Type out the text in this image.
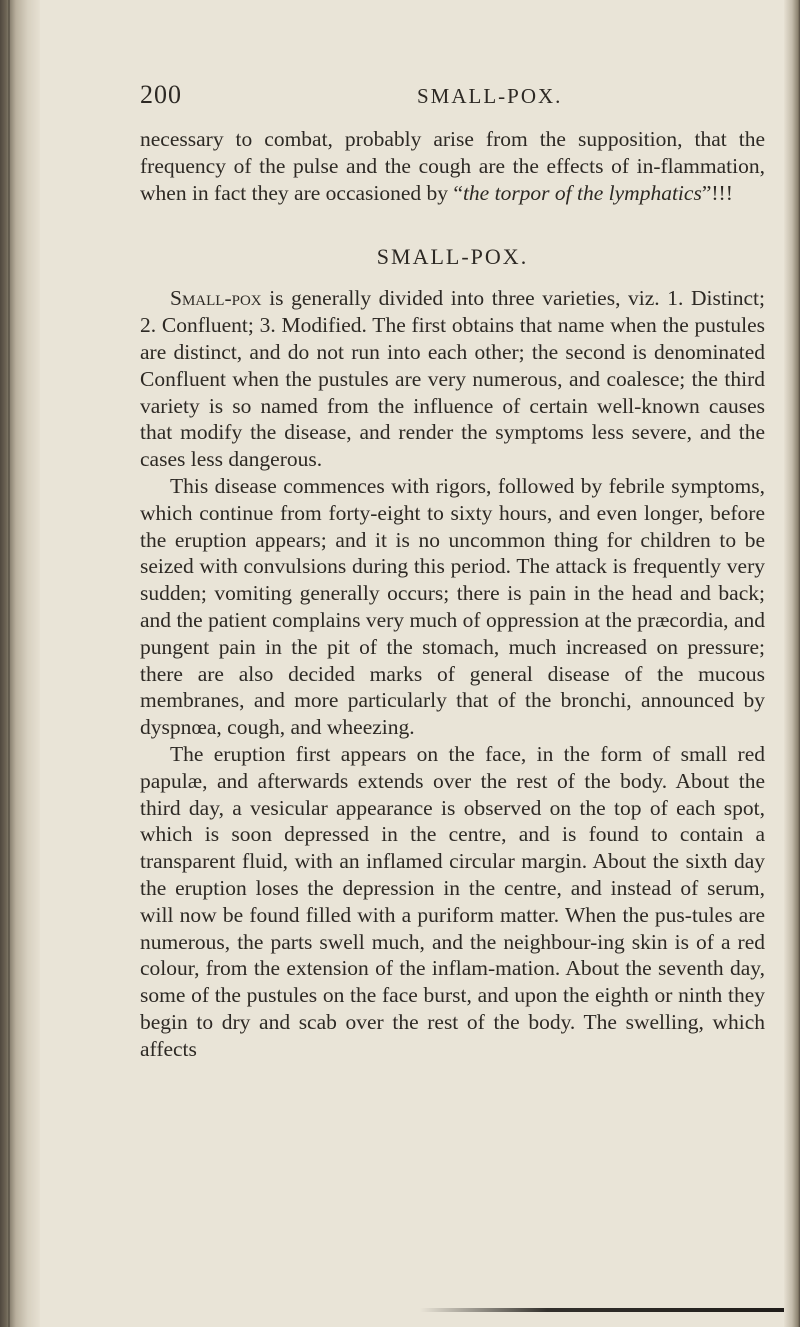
200	SMALL-POX.
necessary to combat, probably arise from the supposition, that the frequency of the pulse and the cough are the effects of in-flammation, when in fact they are occasioned by “the torpor of the lymphatics”!!!
SMALL-POX.

Small-pox is generally divided into three varieties, viz. 1. Distinct; 2. Confluent; 3. Modified. The first obtains that name when the pustules are distinct, and do not run into each other; the second is denominated Confluent when the pustules are very numerous, and coalesce; the third variety is so named from the influence of certain well-known causes that modify the disease, and render the symptoms less severe, and the cases less dangerous.

This disease commences with rigors, followed by febrile symptoms, which continue from forty-eight to sixty hours, and even longer, before the eruption appears; and it is no uncommon thing for children to be seized with convulsions during this period. The attack is frequently very sudden; vomiting generally occurs; there is pain in the head and back; and the patient complains very much of oppression at the præcordia, and pungent pain in the pit of the stomach, much increased on pressure; there are also decided marks of general disease of the mucous membranes, and more particularly that of the bronchi, announced by dyspnœa, cough, and wheezing.

The eruption first appears on the face, in the form of small red papulæ, and afterwards extends over the rest of the body. About the third day, a vesicular appearance is observed on the top of each spot, which is soon depressed in the centre, and is found to contain a transparent fluid, with an inflamed circular margin. About the sixth day the eruption loses the depression in the centre, and instead of serum, will now be found filled with a puriform matter. When the pus-tules are numerous, the parts swell much, and the neighbour-ing skin is of a red colour, from the extension of the inflam-mation. About the seventh day, some of the pustules on the face burst, and upon the eighth or ninth they begin to dry and scab over the rest of the body. The swelling, which affects
